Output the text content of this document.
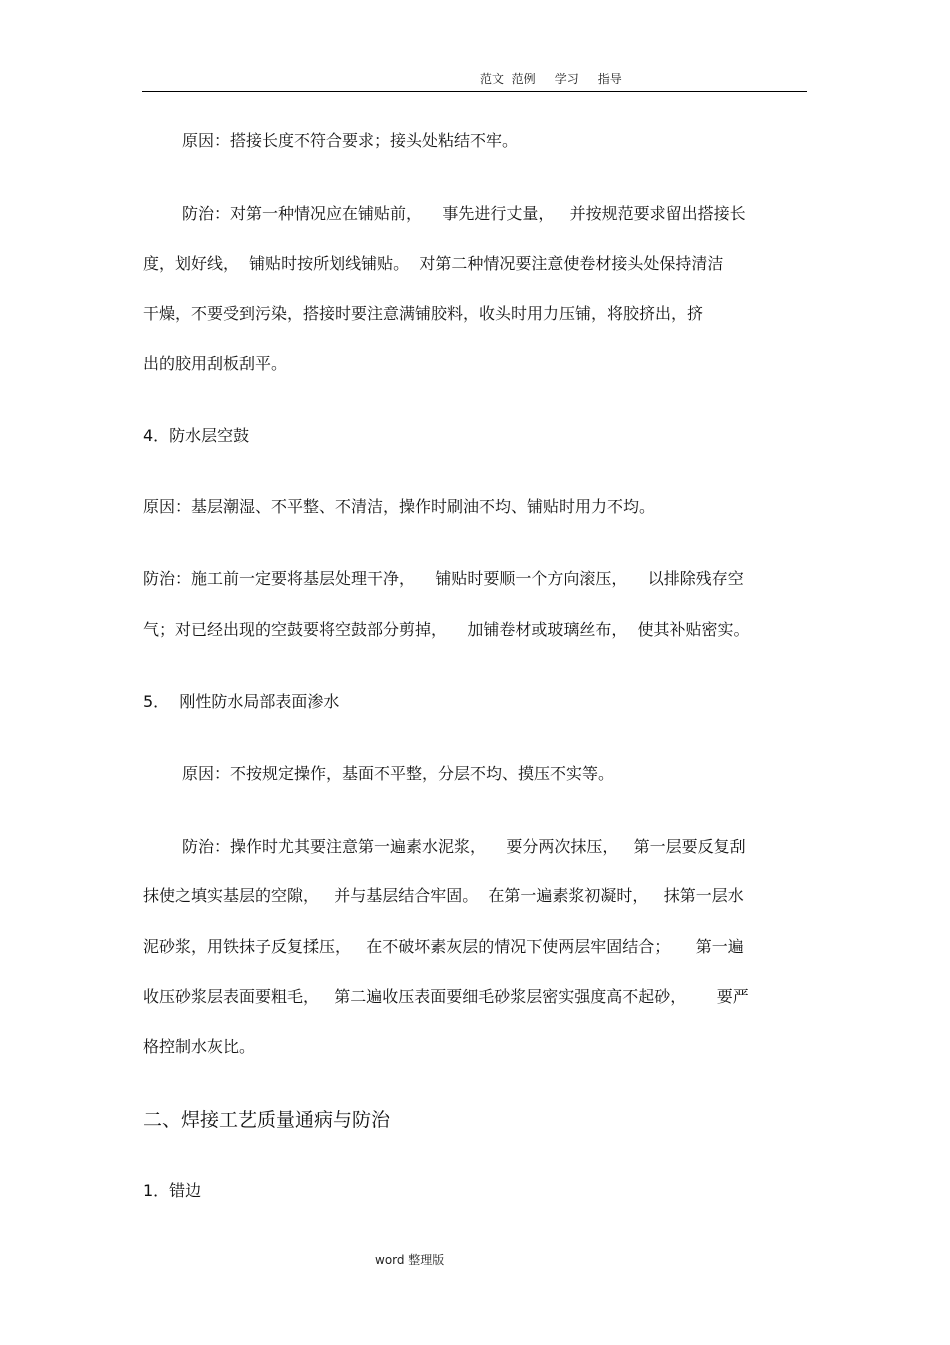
范文  范例     学习     指导
原因：搭接长度不符合要求；接头处粘结不牢。
防治：对第一种情况应在铺贴前，    事先进行丈量，   并按规范要求留出搭接长
度，划好线，  铺贴时按所划线铺贴。  对第二种情况要注意使卷材接头处保持清洁
干燥，不要受到污染，搭接时要注意满铺胶料，收头时用力压铺，将胶挤出，挤
出的胶用刮板刮平。
4．防水层空鼓
原因：基层潮湿、不平整、不清洁，操作时刷油不均、铺贴时用力不均。
防治：施工前一定要将基层处理干净，    铺贴时要顺一个方向滚压，    以排除残存空
气；对已经出现的空鼓要将空鼓部分剪掉，    加铺卷材或玻璃丝布，  使其补贴密实。
5．  刚性防水局部表面渗水
原因：不按规定操作，基面不平整，分层不均、摸压不实等。
防治：操作时尤其要注意第一遍素水泥浆，    要分两次抹压，   第一层要反复刮
抹使之填实基层的空隙，   并与基层结合牢固。  在第一遍素浆初凝时，   抹第一层水
泥砂浆，用铁抹子反复揉压，   在不破坏素灰层的情况下使两层牢固结合；     第一遍
收压砂浆层表面要粗毛，   第二遍收压表面要细毛砂浆层密实强度高不起砂，      要严
格控制水灰比。
二、焊接工艺质量通病与防治
1．错边
word 整理版
